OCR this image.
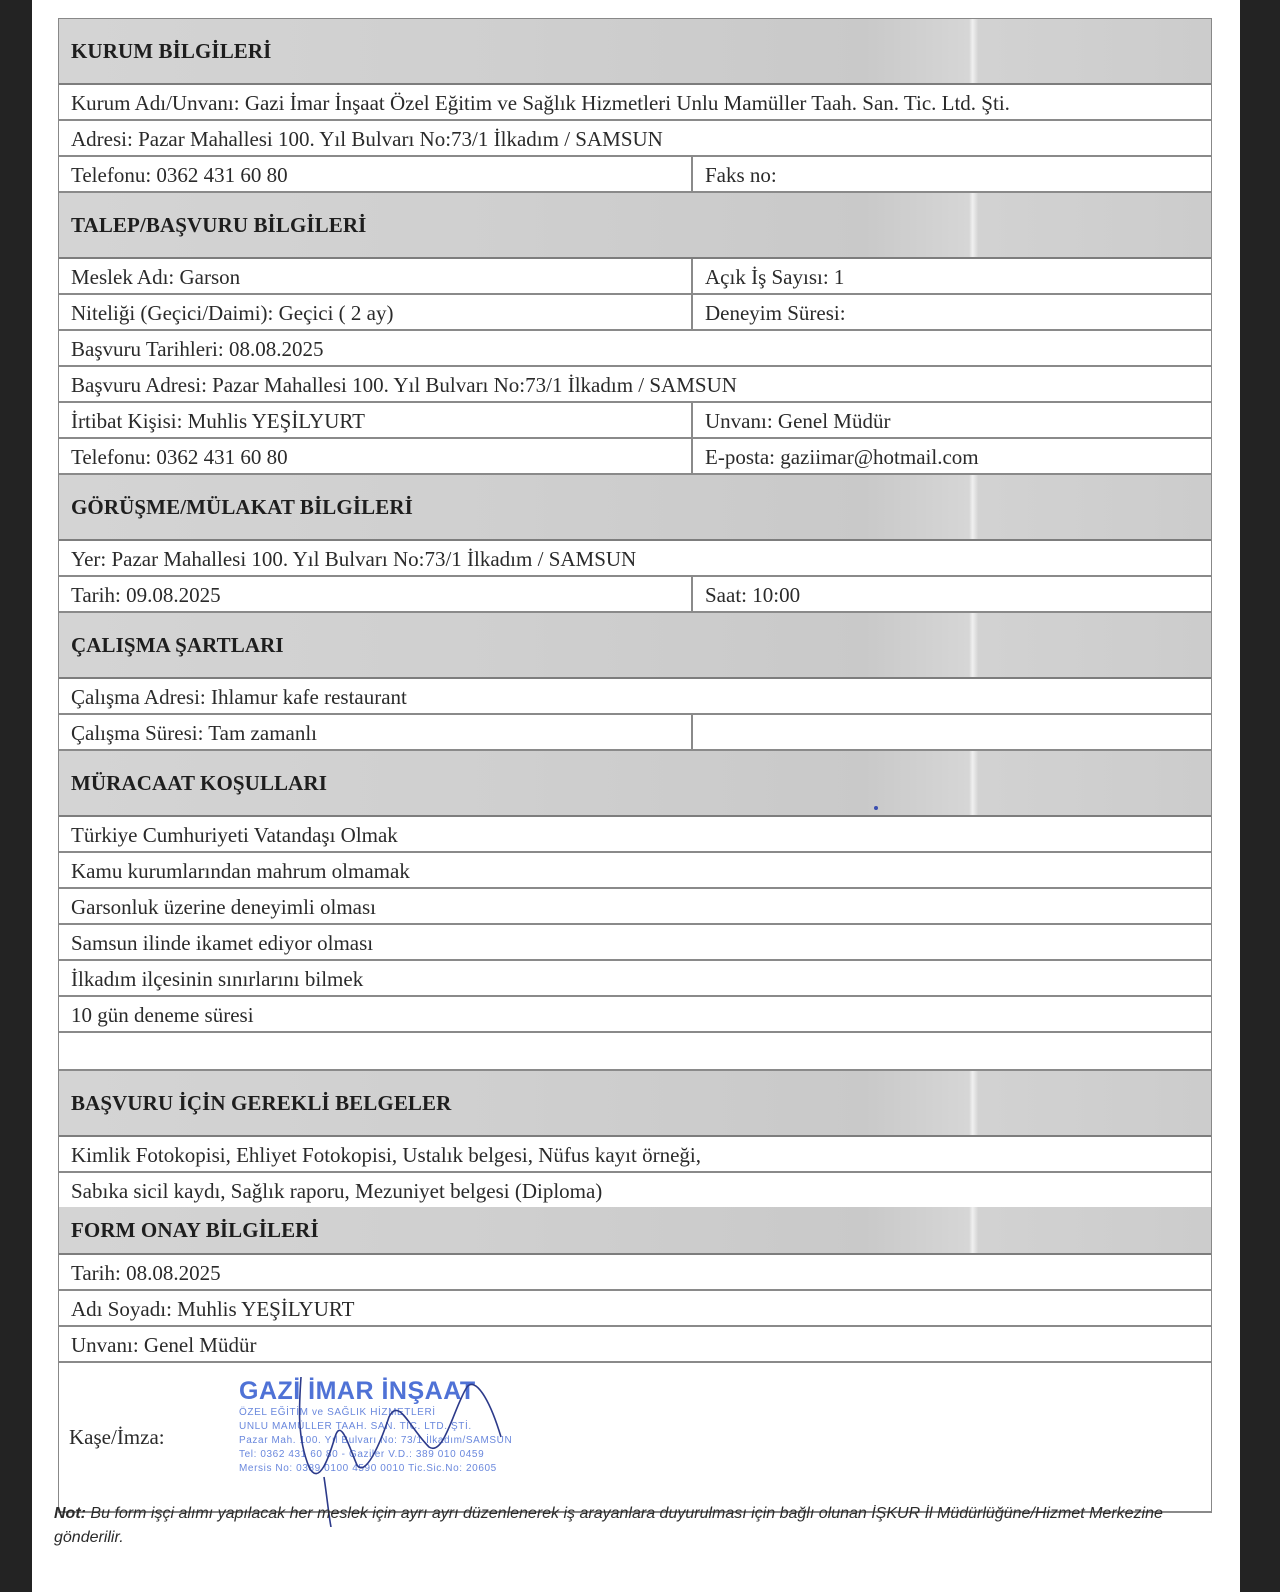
KURUM BİLGİLERİ
Kurum Adı/Unvanı: Gazi İmar İnşaat Özel Eğitim ve Sağlık Hizmetleri Unlu Mamüller Taah. San. Tic. Ltd. Şti.
Adresi: Pazar Mahallesi 100. Yıl Bulvarı No:73/1 İlkadım / SAMSUN
Telefonu: 0362 431 60 80	Faks no:
TALEP/BAŞVURU BİLGİLERİ
Meslek Adı: Garson	Açık İş Sayısı: 1
Niteliği (Geçici/Daimi): Geçici ( 2 ay)	Deneyim Süresi:
Başvuru Tarihleri: 08.08.2025
Başvuru Adresi: Pazar Mahallesi 100. Yıl Bulvarı No:73/1 İlkadım / SAMSUN
İrtibat Kişisi: Muhlis YEŞİLYURT	Unvanı: Genel Müdür
Telefonu: 0362 431 60 80	E-posta: gaziimar@hotmail.com
GÖRÜŞME/MÜLAKAT BİLGİLERİ
Yer: Pazar Mahallesi 100. Yıl Bulvarı No:73/1 İlkadım / SAMSUN
Tarih: 09.08.2025	Saat: 10:00
ÇALIŞMA ŞARTLARI
Çalışma Adresi: Ihlamur kafe restaurant
Çalışma Süresi: Tam zamanlı
MÜRACAAT KOŞULLARI
Türkiye Cumhuriyeti Vatandaşı Olmak
Kamu kurumlarından mahrum olmamak
Garsonluk üzerine deneyimli olması
Samsun ilinde ikamet ediyor olması
İlkadım ilçesinin sınırlarını bilmek
10 gün deneme süresi
BAŞVURU İÇİN GEREKLİ BELGELER
Kimlik Fotokopisi, Ehliyet Fotokopisi, Ustalık belgesi, Nüfus kayıt örneği,
Sabıka sicil kaydı, Sağlık raporu, Mezuniyet belgesi (Diploma)
FORM ONAY BİLGİLERİ
Tarih: 08.08.2025
Adı Soyadı: Muhlis YEŞİLYURT
Unvanı: Genel Müdür
Kaşe/İmza:
GAZİ İMAR İNŞAAT
ÖZEL EĞİTİM ve SAĞLIK HİZMETLERİ
UNLU MAMÜLLER TAAH. SAN. TİC. LTD. ŞTİ.
Pazar Mah. 100. Yıl Bulvarı No: 73/1 İlkadım/SAMSUN
Tel: 0362 431 60 80 - Gaziler V.D.: 389 010 0459
Mersis No: 0389 0100 4590 0010 Tic.Sic.No: 20605
Not: Bu form işçi alımı yapılacak her meslek için ayrı ayrı düzenlenerek iş arayanlara duyurulması için bağlı olunan İŞKUR İl Müdürlüğüne/Hizmet Merkezine gönderilir.
